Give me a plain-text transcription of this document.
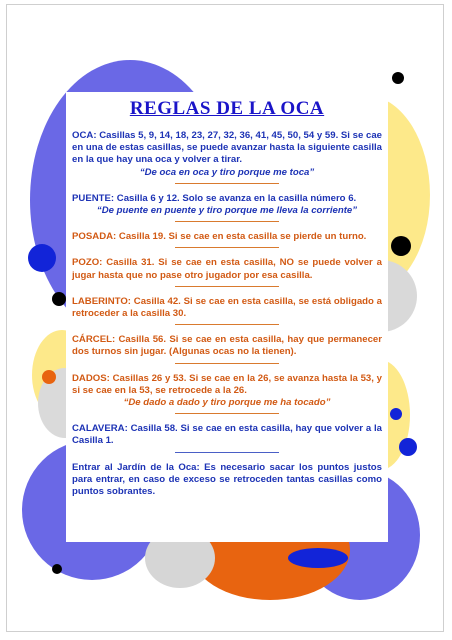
REGLAS DE LA OCA

OCA: Casillas 5, 9, 14, 18, 23, 27, 32, 36, 41, 45, 50, 54 y 59. Si se cae en una de estas casillas, se puede avanzar hasta la siguiente casilla en la que hay una oca y volver a tirar.

“De oca en oca y tiro porque me toca”

PUENTE: Casilla 6 y 12. Solo se avanza en la casilla número 6.

“De puente en puente y tiro porque me lleva la corriente”

POSADA: Casilla 19. Si se cae en esta casilla se pierde un turno.

POZO: Casilla 31. Si se cae en esta casilla, NO se puede volver a jugar hasta que no pase otro jugador por esa casilla.

LABERINTO: Casilla 42. Si se cae en esta casilla, se está obligado a retroceder a la casilla 30.

CÁRCEL: Casilla 56. Si se cae en esta casilla, hay que permanecer dos turnos sin jugar. (Algunas ocas no la tienen).

DADOS: Casillas 26 y 53. Si se cae en la 26, se avanza hasta la 53, y si se cae en la 53, se retrocede a la 26.

“De dado a dado y tiro porque me ha tocado”

CALAVERA: Casilla 58. Si se cae en esta casilla, hay que volver a la Casilla 1.

Entrar al Jardín de la Oca: Es necesario sacar los puntos justos para entrar, en caso de exceso se retroceden tantas casillas como puntos sobrantes.
